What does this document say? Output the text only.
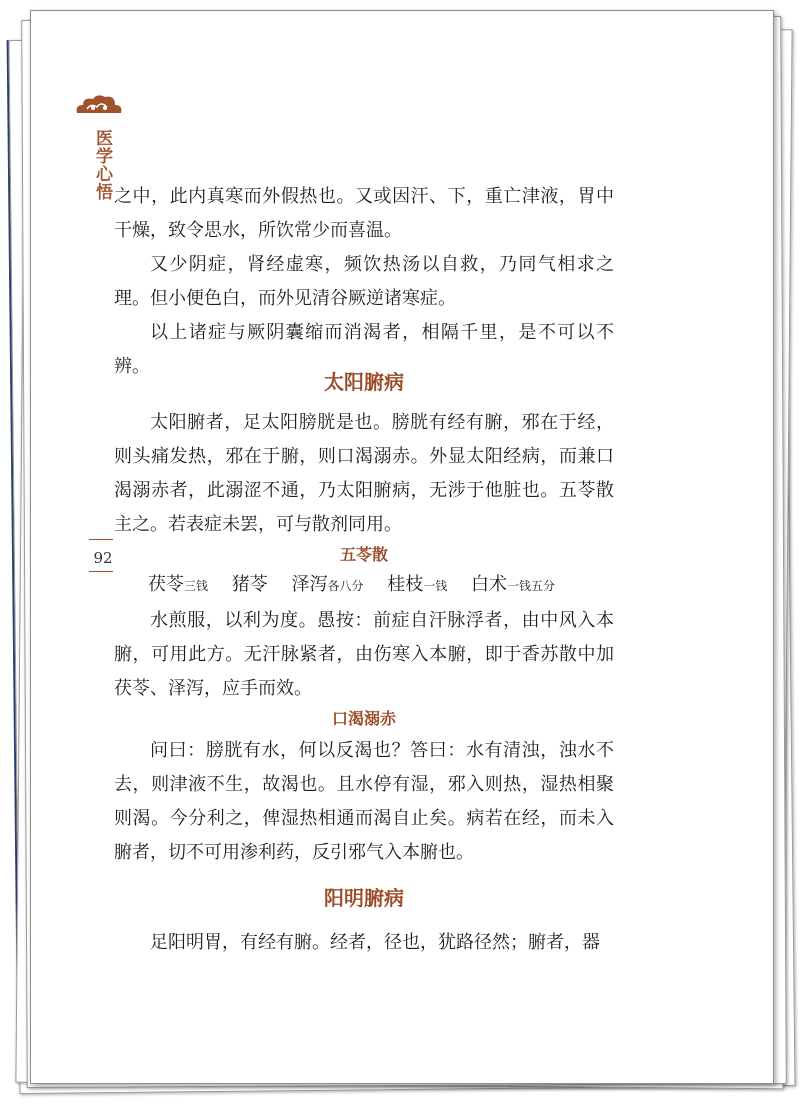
医学心悟
92

之中，此内真寒而外假热也。又或因汗、下，重亡津液，胃中干燥，致令思水，所饮常少而喜温。

又少阴症，肾经虚寒，频饮热汤以自救，乃同气相求之理。但小便色白，而外见清谷厥逆诸寒症。

以上诸症与厥阴囊缩而消渴者，相隔千里，是不可以不辨。

太阳腑病

太阳腑者，足太阳膀胱是也。膀胱有经有腑，邪在于经，则头痛发热，邪在于腑，则口渴溺赤。外显太阳经病，而兼口渴溺赤者，此溺涩不通，乃太阳腑病，无涉于他脏也。五苓散主之。若表症未罢，可与散剂同用。

五苓散
茯苓三钱 猪苓 泽泻各八分 桂枝一钱 白术一钱五分

水煎服，以利为度。愚按：前症自汗脉浮者，由中风入本腑，可用此方。无汗脉紧者，由伤寒入本腑，即于香苏散中加茯苓、泽泻，应手而效。

口渴溺赤

问曰：膀胱有水，何以反渴也？答曰：水有清浊，浊水不去，则津液不生，故渴也。且水停有湿，邪入则热，湿热相聚则渴。今分利之，俾湿热相通而渴自止矣。病若在经，而未入腑者，切不可用渗利药，反引邪气入本腑也。

阳明腑病

足阳明胃，有经有腑。经者，径也，犹路径然；腑者，器
